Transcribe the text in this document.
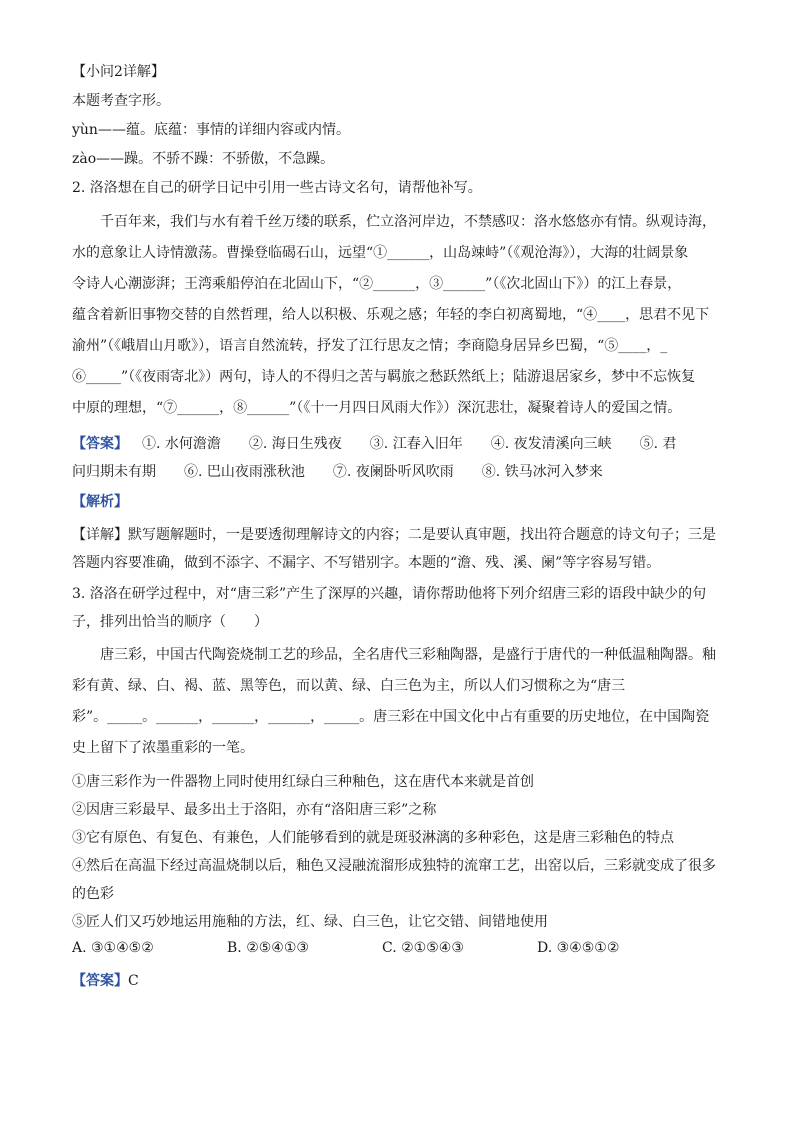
【小问2详解】
本题考查字形。
yùn——蕴。底蕴：事情的详细内容或内情。
zào——躁。不骄不躁：不骄傲，不急躁。
2. 洛洛想在自己的研学日记中引用一些古诗文名句，请帮他补写。
千百年来，我们与水有着千丝万缕的联系，伫立洛河岸边，不禁感叹：洛水悠悠亦有情。纵观诗海，
水的意象让人诗情激荡。曹操登临碣石山，远望“①______，山岛竦峙”（《观沧海》），大海的壮阔景象
令诗人心潮澎湃；王湾乘船停泊在北固山下，“②______，③______”（《次北固山下》）的江上春景，
蕴含着新旧事物交替的自然哲理，给人以积极、乐观之感；年轻的李白初离蜀地，“④____，思君不见下
渝州”（《峨眉山月歌》），语言自然流转，抒发了江行思友之情；李商隐身居异乡巴蜀，“⑤____，_
⑥_____”（《夜雨寄北》）两句，诗人的不得归之苦与羁旅之愁跃然纸上；陆游退居家乡，梦中不忘恢复
中原的理想，“⑦______，⑧______”（《十一月四日风雨大作》）深沉悲壮，凝聚着诗人的爱国之情。
【答案】 ①. 水何澹澹　　②. 海日生残夜　　③. 江春入旧年　　④. 夜发清溪向三峡　　⑤. 君
问归期未有期　　⑥. 巴山夜雨涨秋池　　⑦. 夜阑卧听风吹雨　　⑧. 铁马冰河入梦来
【解析】
【详解】默写题解题时，一是要透彻理解诗文的内容；二是要认真审题，找出符合题意的诗文句子；三是
答题内容要准确，做到不添字、不漏字、不写错别字。本题的“澹、残、溪、阑”等字容易写错。
3. 洛洛在研学过程中，对“唐三彩”产生了深厚的兴趣，请你帮助他将下列介绍唐三彩的语段中缺少的句
子，排列出恰当的顺序（　　）
唐三彩，中国古代陶瓷烧制工艺的珍品，全名唐代三彩釉陶器，是盛行于唐代的一种低温釉陶器。釉
彩有黄、绿、白、褐、蓝、黑等色，而以黄、绿、白三色为主，所以人们习惯称之为“唐三
彩”。_____。______，______，______，_____。唐三彩在中国文化中占有重要的历史地位，在中国陶瓷
史上留下了浓墨重彩的一笔。
①唐三彩作为一件器物上同时使用红绿白三种釉色，这在唐代本来就是首创
②因唐三彩最早、最多出土于洛阳，亦有“洛阳唐三彩”之称
③它有原色、有复色、有兼色，人们能够看到的就是斑驳淋漓的多种彩色，这是唐三彩釉色的特点
④然后在高温下经过高温烧制以后，釉色又浸融流溜形成独特的流窜工艺，出窑以后，三彩就变成了很多
的色彩
⑤匠人们又巧妙地运用施釉的方法，红、绿、白三色，让它交错、间错地使用
A. ③①④⑤②	B. ②⑤④①③	C. ②①⑤④③	D. ③④⑤①②
【答案】C
